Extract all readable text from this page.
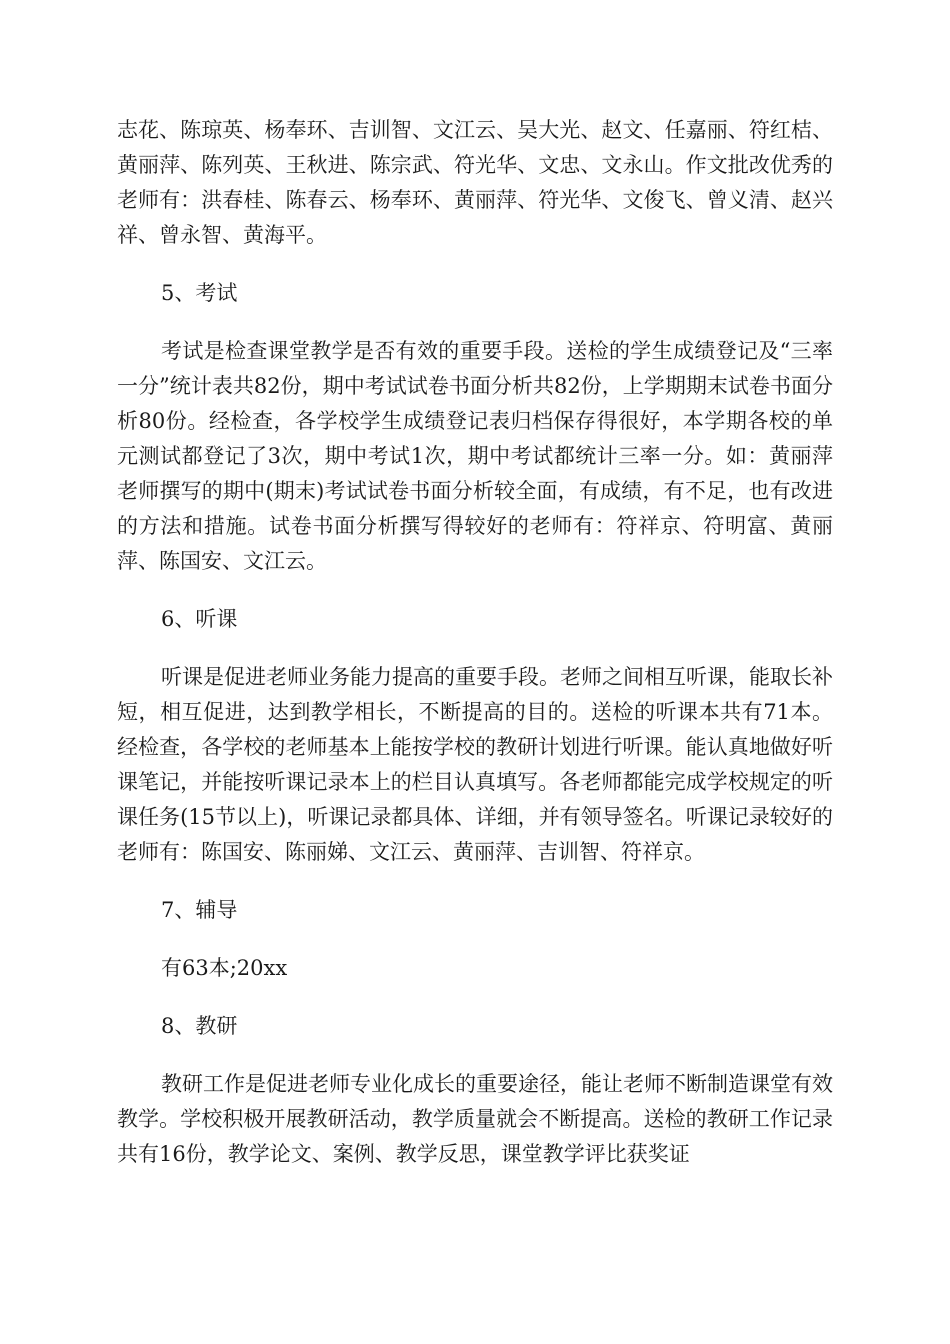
志花、陈琼英、杨奉环、吉训智、文江云、吴大光、赵文、任嘉丽、符红桔、黄丽萍、陈列英、王秋进、陈宗武、符光华、文忠、文永山。作文批改优秀的老师有：洪春桂、陈春云、杨奉环、黄丽萍、符光华、文俊飞、曾义清、赵兴祥、曾永智、黄海平。

5、考试

考试是检查课堂教学是否有效的重要手段。送检的学生成绩登记及“三率一分”统计表共82份，期中考试试卷书面分析共82份，上学期期末试卷书面分析80份。经检查，各学校学生成绩登记表归档保存得很好，本学期各校的单元测试都登记了3次，期中考试1次，期中考试都统计三率一分。如：黄丽萍老师撰写的期中(期末)考试试卷书面分析较全面，有成绩，有不足，也有改进的方法和措施。试卷书面分析撰写得较好的老师有：符祥京、符明富、黄丽萍、陈国安、文江云。

6、听课

听课是促进老师业务能力提高的重要手段。老师之间相互听课，能取长补短，相互促进，达到教学相长，不断提高的目的。送检的听课本共有71本。经检查，各学校的老师基本上能按学校的教研计划进行听课。能认真地做好听课笔记，并能按听课记录本上的栏目认真填写。各老师都能完成学校规定的听课任务(15节以上)，听课记录都具体、详细，并有领导签名。听课记录较好的老师有：陈国安、陈丽娣、文江云、黄丽萍、吉训智、符祥京。

7、辅导

有63本;20xx

8、教研

教研工作是促进老师专业化成长的重要途径，能让老师不断制造课堂有效教学。学校积极开展教研活动，教学质量就会不断提高。送检的教研工作记录共有16份，教学论文、案例、教学反思，课堂教学评比获奖证
